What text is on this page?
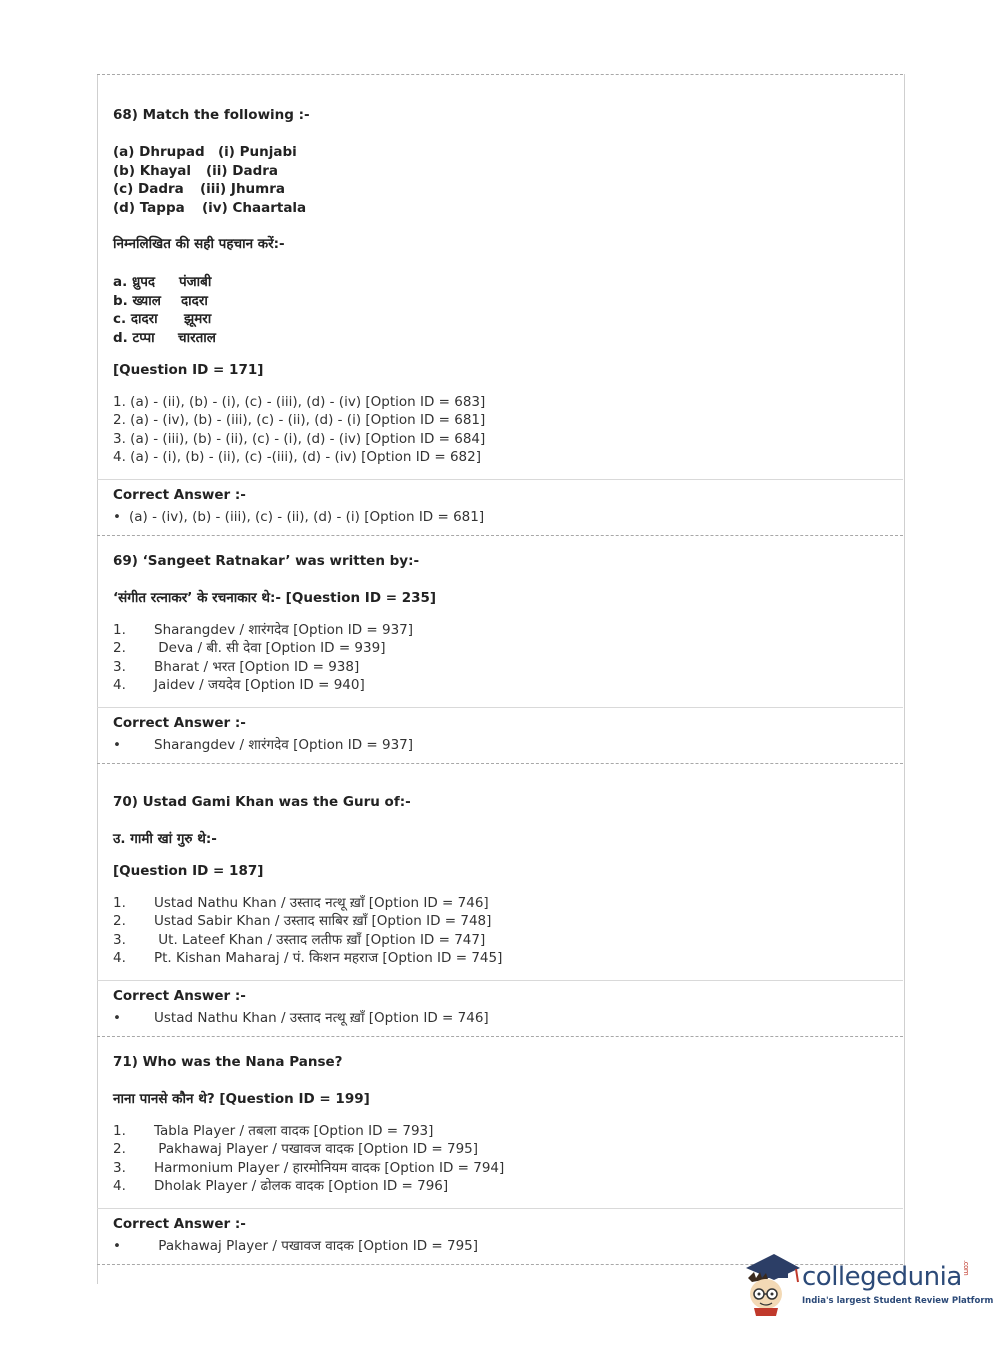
68) Match the following :-
(a) Dhrupad (i) Punjabi
(b) Khayal (ii) Dadra
(c) Dadra (iii) Jhumra
(d) Tappa (iv) Chaartala
निम्नलिखित की सही पहचान करें:-
a. ध्रुपद पंजाबी
b. ख्याल दादरा
c. दादरा झूमरा
d. टप्पा चारताल
[Question ID = 171]
1. (a) - (ii), (b) - (i), (c) - (iii), (d) - (iv) [Option ID = 683]
2. (a) - (iv), (b) - (iii), (c) - (ii), (d) - (i) [Option ID = 681]
3. (a) - (iii), (b) - (ii), (c) - (i), (d) - (iv) [Option ID = 684]
4. (a) - (i), (b) - (ii), (c) -(iii), (d) - (iv) [Option ID = 682]
Correct Answer :-
• (a) - (iv), (b) - (iii), (c) - (ii), (d) - (i) [Option ID = 681]
69) ‘Sangeet Ratnakar’ was written by:-
‘संगीत रत्नाकर’ के रचनाकार थे:- [Question ID = 235]
1. Sharangdev / शारंगदेव [Option ID = 937]
2. Deva / बी. सी देवा [Option ID = 939]
3. Bharat / भरत [Option ID = 938]
4. Jaidev / जयदेव [Option ID = 940]
Correct Answer :-
• Sharangdev / शारंगदेव [Option ID = 937]
70) Ustad Gami Khan was the Guru of:-
उ. गामी खां गुरु थे:-
[Question ID = 187]
1. Ustad Nathu Khan / उस्ताद नत्थू ख़ाँ [Option ID = 746]
2. Ustad Sabir Khan / उस्ताद साबिर ख़ाँ [Option ID = 748]
3. Ut. Lateef Khan / उस्ताद लतीफ ख़ाँ [Option ID = 747]
4. Pt. Kishan Maharaj / पं. किशन महराज [Option ID = 745]
Correct Answer :-
• Ustad Nathu Khan / उस्ताद नत्थू ख़ाँ [Option ID = 746]
71) Who was the Nana Panse?
नाना पानसे कौन थे? [Question ID = 199]
1. Tabla Player / तबला वादक [Option ID = 793]
2. Pakhawaj Player / पखावज वादक [Option ID = 795]
3. Harmonium Player / हारमोनियम वादक [Option ID = 794]
4. Dholak Player / ढोलक वादक [Option ID = 796]
Correct Answer :-
• Pakhawaj Player / पखावज वादक [Option ID = 795]
collegedunia.com
India's largest Student Review Platform
